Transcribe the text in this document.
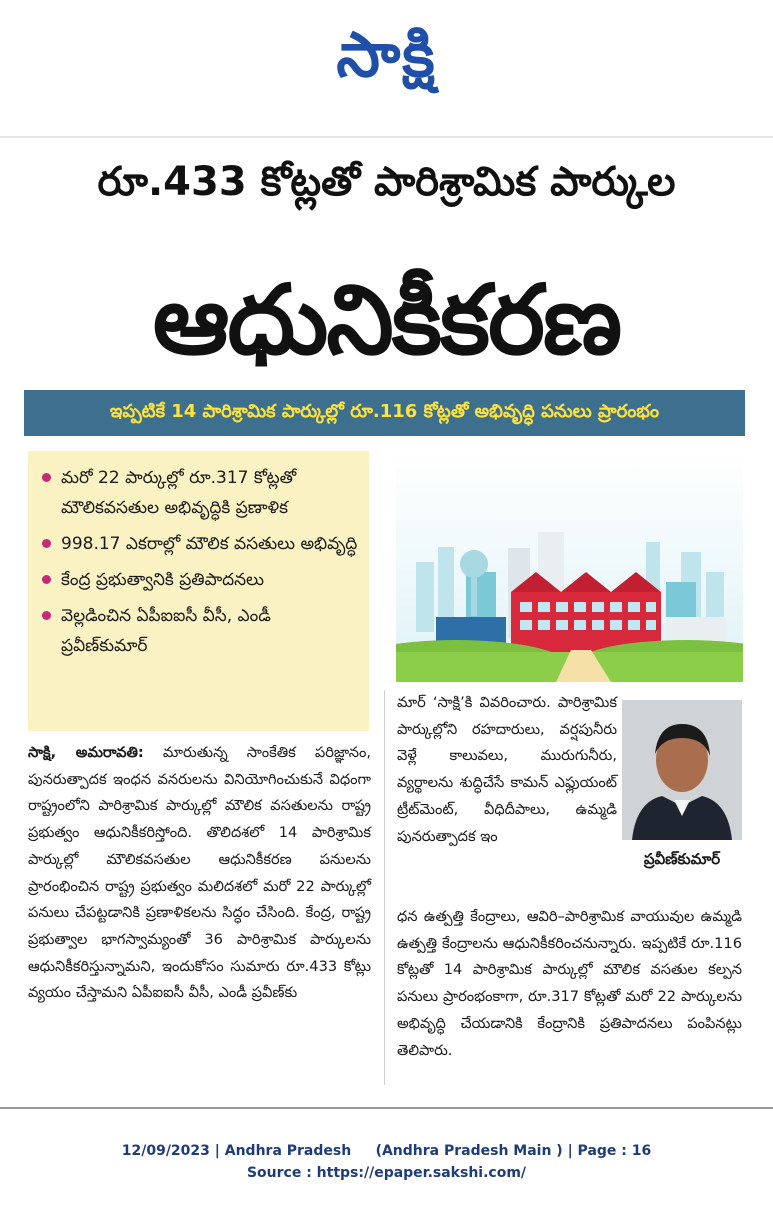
సాక్షి
రూ.433 కోట్లతో పారిశ్రామిక పార్కుల
ఆధునికీకరణ
ఇప్పటికే 14 పారిశ్రామిక పార్కుల్లో రూ.116 కోట్లతో అభివృద్ధి పనులు ప్రారంభం
మరో 22 పార్కుల్లో రూ.317 కోట్లతో మౌలికవసతుల అభివృద్ధికి ప్రణాళిక
998.17 ఎకరాల్లో మౌలిక వసతులు అభివృద్ధి
కేంద్ర ప్రభుత్వానికి ప్రతిపాదనలు
వెల్లడించిన ఏపీఐఐసీ వీసీ, ఎండీ ప్రవీణ్‌కుమార్‌
సాక్షి, అమరావతి: మారుతున్న సాంకేతిక పరిజ్ఞానం, పునరుత్పాదక ఇంధన వనరులను వినియోగించుకునే విధంగా రాష్ట్రంలోని పారిశ్రామిక పార్కుల్లో మౌలిక వసతులను రాష్ట్ర ప్రభుత్వం ఆధునికీకరిస్తోంది. తొలిదశలో 14 పారిశ్రామిక పార్కుల్లో మౌలికవసతుల ఆధునికీకరణ పనులను ప్రారంభించిన రాష్ట్ర ప్రభుత్వం మలిదశలో మరో 22 పార్కుల్లో పనులు చేపట్టడానికి ప్రణాళికలను సిద్ధం చేసింది. కేంద్ర, రాష్ట్ర ప్రభుత్వాల భాగస్వామ్యంతో 36 పారిశ్రామిక పార్కులను ఆధునికీకరిస్తున్నామని, ఇందుకోసం సుమారు రూ.433 కోట్లు వ్యయం చేస్తామని ఏపీఐఐసీ వీసీ, ఎండీ ప్రవీణ్‌కు
మార్‌ ‘సాక్షి’కి వివరించారు. పారిశ్రామిక పార్కుల్లోని రహదారులు, వర్షపునీరు వెళ్లే కాలువలు, మురుగునీరు, వ్యర్థాలను శుద్ధిచేసే కామన్‌ ఎఫ్లుయంట్‌ ట్రీట్‌మెంట్‌, వీధిదీపాలు, ఉమ్మడి పునరుత్పాదక ఇం
ప్రవీణ్‌కుమార్‌
ధన ఉత్పత్తి కేంద్రాలు, ఆవిరి–పారిశ్రామిక వాయువుల ఉమ్మడి ఉత్పత్తి కేంద్రాలను ఆధునికీకరించనున్నారు. ఇప్పటికే రూ.116 కోట్లతో 14 పారిశ్రామిక పార్కుల్లో మౌలిక వసతుల కల్పన పనులు ప్రారంభంకాగా, రూ.317 కోట్లతో మరో 22 పార్కులను అభివృద్ధి చేయడానికి కేంద్రానికి ప్రతిపాదనలు పంపినట్లు తెలిపారు.
12/09/2023 | Andhra Pradesh     (Andhra Pradesh Main ) | Page : 16
Source : https://epaper.sakshi.com/
